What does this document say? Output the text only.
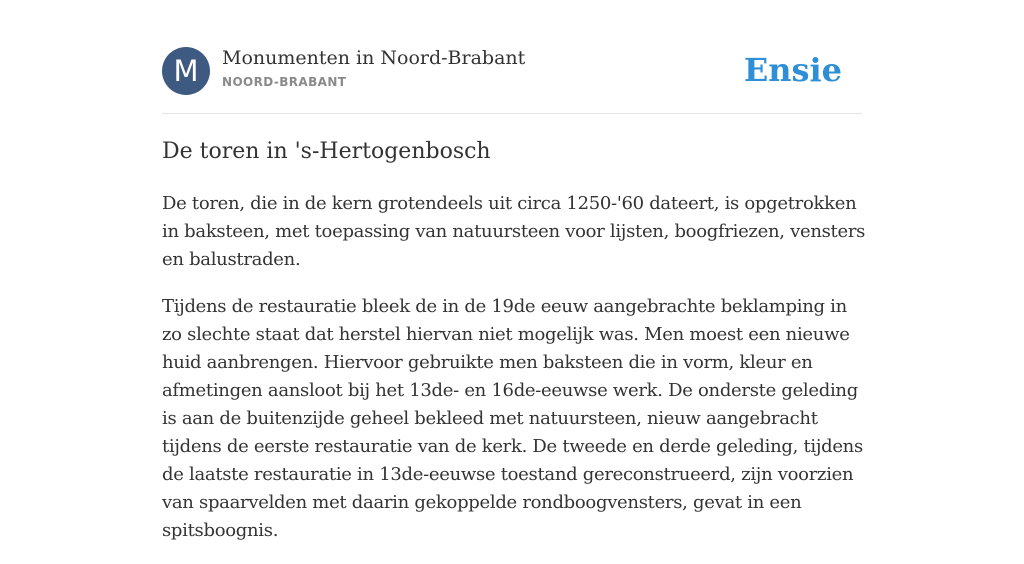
M	Monumenten in Noord-Brabant
NOORD-BRABANT	Ensie
De toren in 's-Hertogenbosch

De toren, die in de kern grotendeels uit circa 1250-'60 dateert, is opgetrokken in baksteen, met toepassing van natuursteen voor lijsten, boogfriezen, vensters en balustraden.

Tijdens de restauratie bleek de in de 19de eeuw aangebrachte beklamping in zo slechte staat dat herstel hiervan niet mogelijk was. Men moest een nieuwe huid aanbrengen. Hiervoor gebruikte men baksteen die in vorm, kleur en afmetingen aansloot bij het 13de- en 16de-eeuwse werk. De onderste geleding is aan de buitenzijde geheel bekleed met natuursteen, nieuw aangebracht tijdens de eerste restauratie van de kerk. De tweede en derde geleding, tijdens de laatste restauratie in 13de-eeuwse toestand gereconstrueerd, zijn voorzien van spaarvelden met daarin gekoppelde rondboogvensters, gevat in een spitsboognis.
